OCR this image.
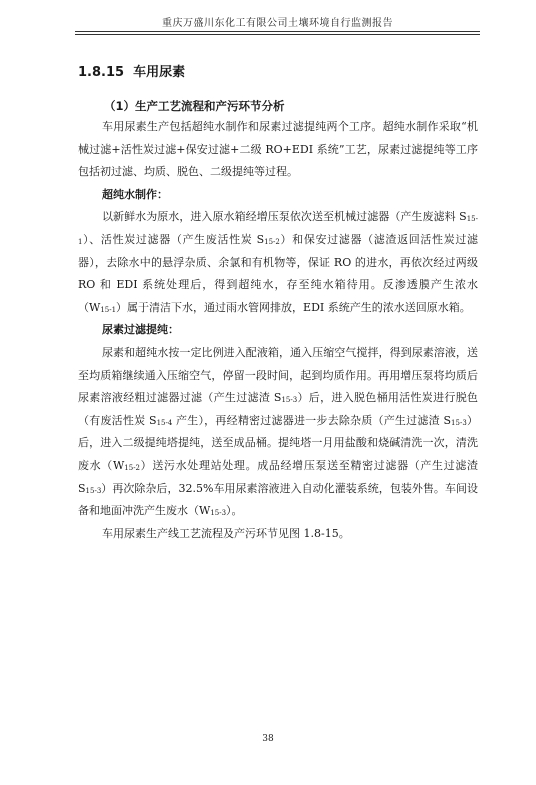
重庆万盛川东化工有限公司土壤环境自行监测报告
1.8.15 车用尿素

（1）生产工艺流程和产污环节分析

车用尿素生产包括超纯水制作和尿素过滤提纯两个工序。超纯水制作采取“机械过滤+活性炭过滤+保安过滤+二级 RO+EDI 系统”工艺，尿素过滤提纯等工序包括初过滤、均质、脱色、二级提纯等过程。

超纯水制作：

以新鲜水为原水，进入原水箱经增压泵依次送至机械过滤器（产生废滤料 $S_{15-1}$）、活性炭过滤器（产生废活性炭 $S_{15-2}$）和保安过滤器（滤渣返回活性炭过滤器），去除水中的悬浮杂质、余氯和有机物等，保证 RO 的进水，再依次经过两级 RO 和 EDI 系统处理后，得到超纯水，存至纯水箱待用。反渗透膜产生浓水$(W_{15-1})$属于清洁下水，通过雨水管网排放，EDI 系统产生的浓水送回原水箱。

尿素过滤提纯：

尿素和超纯水按一定比例进入配液箱，通入压缩空气搅拌，得到尿素溶液，送至均质箱继续通入压缩空气，停留一段时间，起到均质作用。再用增压泵将均质后尿素溶液经粗过滤器过滤（产生过滤渣 $S_{15-3}$）后，进入脱色桶用活性炭进行脱色（有废活性炭 $S_{15-4}$ 产生），再经精密过滤器进一步去除杂质（产生过滤渣 $S_{15-3}$）后，进入二级提纯塔提纯，送至成品桶。提纯塔一月用盐酸和烧碱清洗一次，清洗废水$(W_{15-2})$送污水处理站处理。成品经增压泵送至精密过滤器（产生过滤渣 $S_{15-3}$）再次除杂后，32.5%车用尿素溶液进入自动化灌装系统，包装外售。车间设备和地面冲洗产生废水$(W_{15-3})$。

车用尿素生产线工艺流程及产污环节见图 1.8-15。

38
